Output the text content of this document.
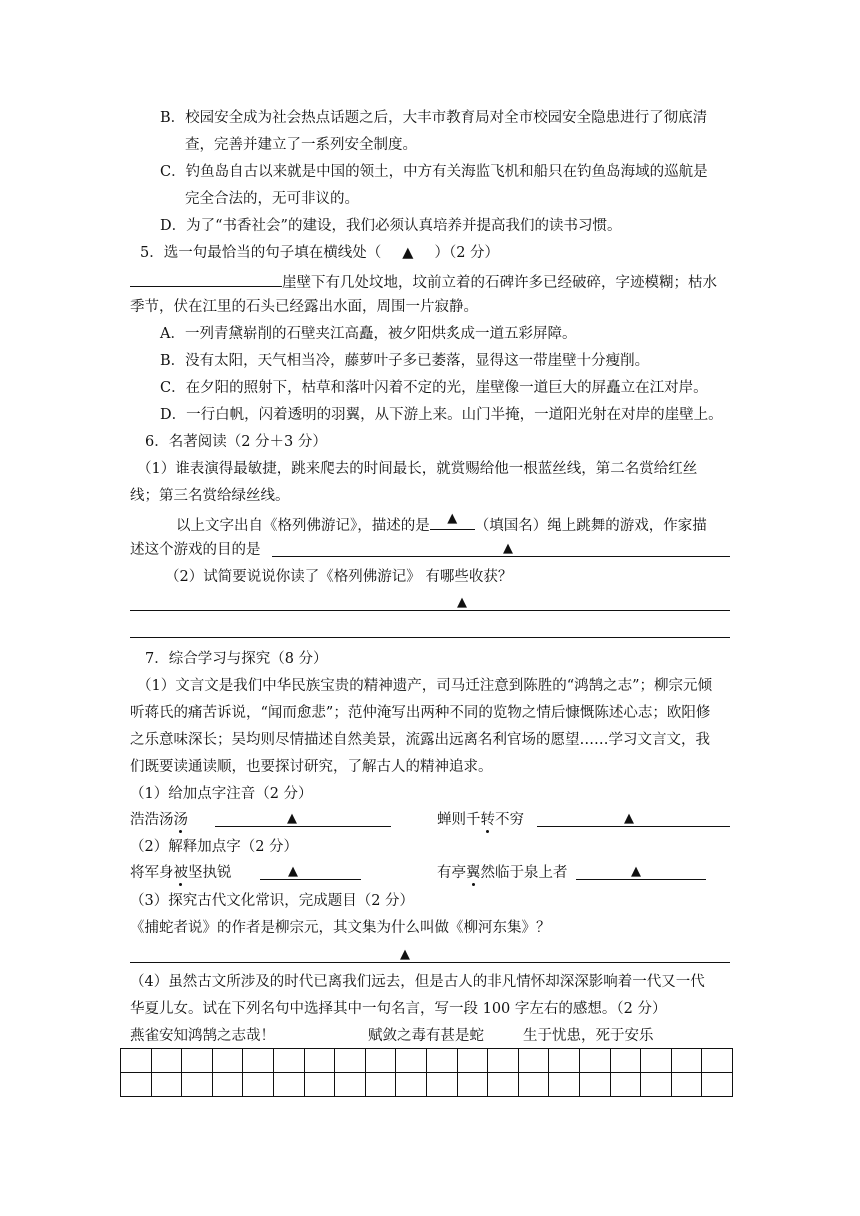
B．校园安全成为社会热点话题之后，大丰市教育局对全市校园安全隐患进行了彻底清
查，完善并建立了一系列安全制度。
C．钓鱼岛自古以来就是中国的领土，中方有关海监飞机和船只在钓鱼岛海域的巡航是
完全合法的，无可非议的。
D．为了“书香社会”的建设，我们必须认真培养并提高我们的读书习惯。
5．选一句最恰当的句子填在横线处（ ▲ ）（2 分）
崖壁下有几处坟地，坟前立着的石碑许多已经破碎，字迹模糊；枯水
季节，伏在江里的石头已经露出水面，周围一片寂静。
A．一列青黛崭削的石壁夹江高矗，被夕阳烘炙成一道五彩屏障。
B．没有太阳，天气相当冷，藤萝叶子多已萎落，显得这一带崖壁十分瘦削。
C．在夕阳的照射下，枯草和落叶闪着不定的光，崖壁像一道巨大的屏矗立在江对岸。
D．一行白帆，闪着透明的羽翼，从下游上来。山门半掩，一道阳光射在对岸的崖壁上。
6．名著阅读（2 分＋3 分）
（1）谁表演得最敏捷，跳来爬去的时间最长，就赏赐给他一根蓝丝线，第二名赏给红丝
线；第三名赏给绿丝线。
以上文字出自《格列佛游记》，描述的是 ▲ （填国名）绳上跳舞的游戏，作家描
述这个游戏的目的是	▲
（2）试简要说说你读了《格列佛游记》 有哪些收获？
▲
7．综合学习与探究（8 分）
（1）文言文是我们中华民族宝贵的精神遗产，司马迁注意到陈胜的“鸿鹄之志”；柳宗元倾
听蒋氏的痛苦诉说，“闻而愈悲”；范仲淹写出两种不同的览物之情后慷慨陈述心志；欧阳修
之乐意味深长；吴均则尽情描述自然美景，流露出远离名利官场的愿望……学习文言文，我
们既要读通读顺，也要探讨研究，了解古人的精神追求。
（1）给加点字注音（2 分）
浩浩汤汤	▲	蝉则千转不穷	▲
（2）解释加点字（2 分）
将军身被坚执锐	▲	有亭翼然临于泉上者	▲
（3）探究古代文化常识，完成题目（2 分）
《捕蛇者说》的作者是柳宗元，其文集为什么叫做《柳河东集》？
▲
（4）虽然古文所涉及的时代已离我们远去，但是古人的非凡情怀却深深影响着一代又一代
华夏儿女。试在下列名句中选择其中一句名言，写一段 100 字左右的感想。（2 分）
燕雀安知鸿鹄之志哉！	赋敛之毒有甚是蛇	生于忧患，死于安乐
